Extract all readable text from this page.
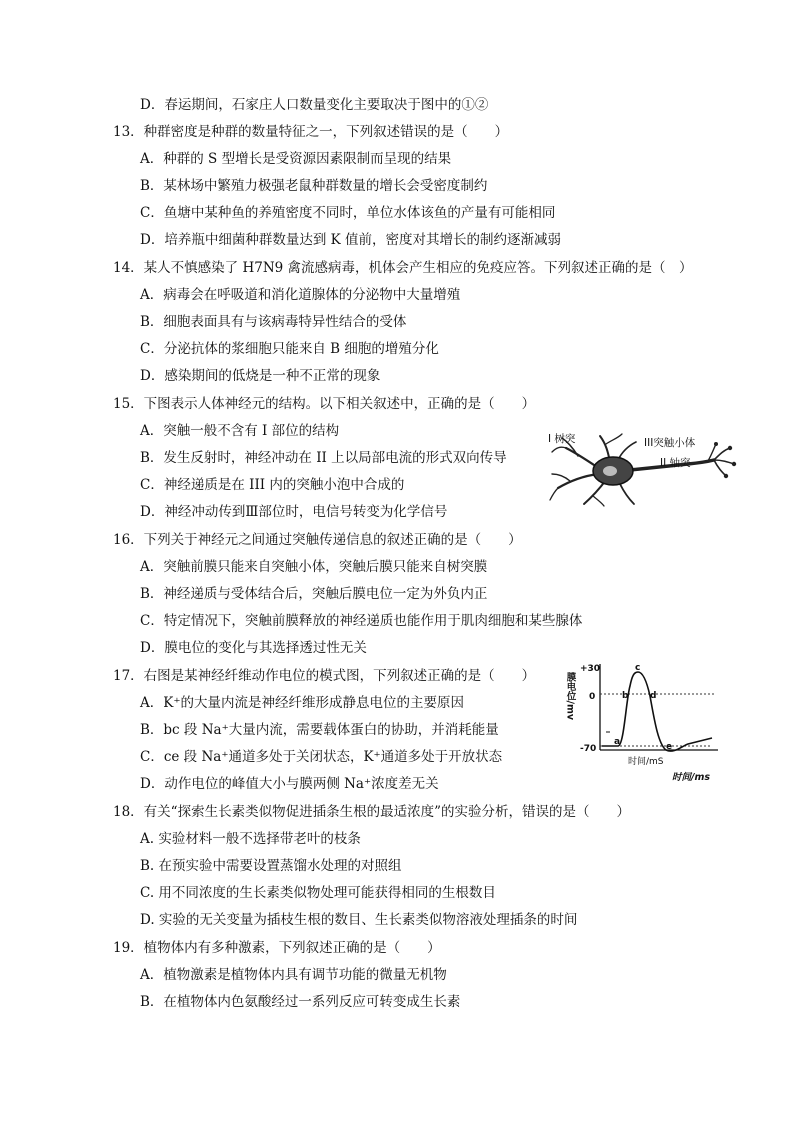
D．春运期间，石家庄人口数量变化主要取决于图中的①②
13．种群密度是种群的数量特征之一，下列叙述错误的是（　　）
A．种群的 S 型增长是受资源因素限制而呈现的结果
B．某林场中繁殖力极强老鼠种群数量的增长会受密度制约
C．鱼塘中某种鱼的养殖密度不同时，单位水体该鱼的产量有可能相同
D．培养瓶中细菌种群数量达到 K 值前，密度对其增长的制约逐渐减弱
14．某人不慎感染了 H7N9 禽流感病毒，机体会产生相应的免疫应答。下列叙述正确的是（　）
A．病毒会在呼吸道和消化道腺体的分泌物中大量增殖
B．细胞表面具有与该病毒特异性结合的受体
C．分泌抗体的浆细胞只能来自 B 细胞的增殖分化
D．感染期间的低烧是一种不正常的现象
15．下图表示人体神经元的结构。以下相关叙述中，正确的是（　　）
A．突触一般不含有 I 部位的结构
B．发生反射时，神经冲动在 II 上以局部电流的形式双向传导
C．神经递质是在 III 内的突触小泡中合成的
D．神经冲动传到Ⅲ部位时，电信号转变为化学信号
I 树突	III突触小体
II 轴突
16．下列关于神经元之间通过突触传递信息的叙述正确的是（　　）
A．突触前膜只能来自突触小体，突触后膜只能来自树突膜
B．神经递质与受体结合后，突触后膜电位一定为外负内正
C．特定情况下，突触前膜释放的神经递质也能作用于肌肉细胞和某些腺体
D．膜电位的变化与其选择透过性无关
17．右图是某神经纤维动作电位的模式图，下列叙述正确的是（　　）
A．K⁺的大量内流是神经纤维形成静息电位的主要原因
B．bc 段 Na⁺大量内流，需要载体蛋白的协助，并消耗能量
C．ce 段 Na⁺通道多处于关闭状态，K⁺通道多处于开放状态
D．动作电位的峰值大小与膜两侧 Na⁺浓度差无关
膜电位/mv
+30
0
-70
a
b
c
d
e
时间/mS
时间/ms
18．有关“探索生长素类似物促进插条生根的最适浓度”的实验分析，错误的是（　　）
A. 实验材料一般不选择带老叶的枝条
B. 在预实验中需要设置蒸馏水处理的对照组
C. 用不同浓度的生长素类似物处理可能获得相同的生根数目
D. 实验的无关变量为插枝生根的数目、生长素类似物溶液处理插条的时间
19．植物体内有多种激素，下列叙述正确的是（　　）
A．植物激素是植物体内具有调节功能的微量无机物
B．在植物体内色氨酸经过一系列反应可转变成生长素
